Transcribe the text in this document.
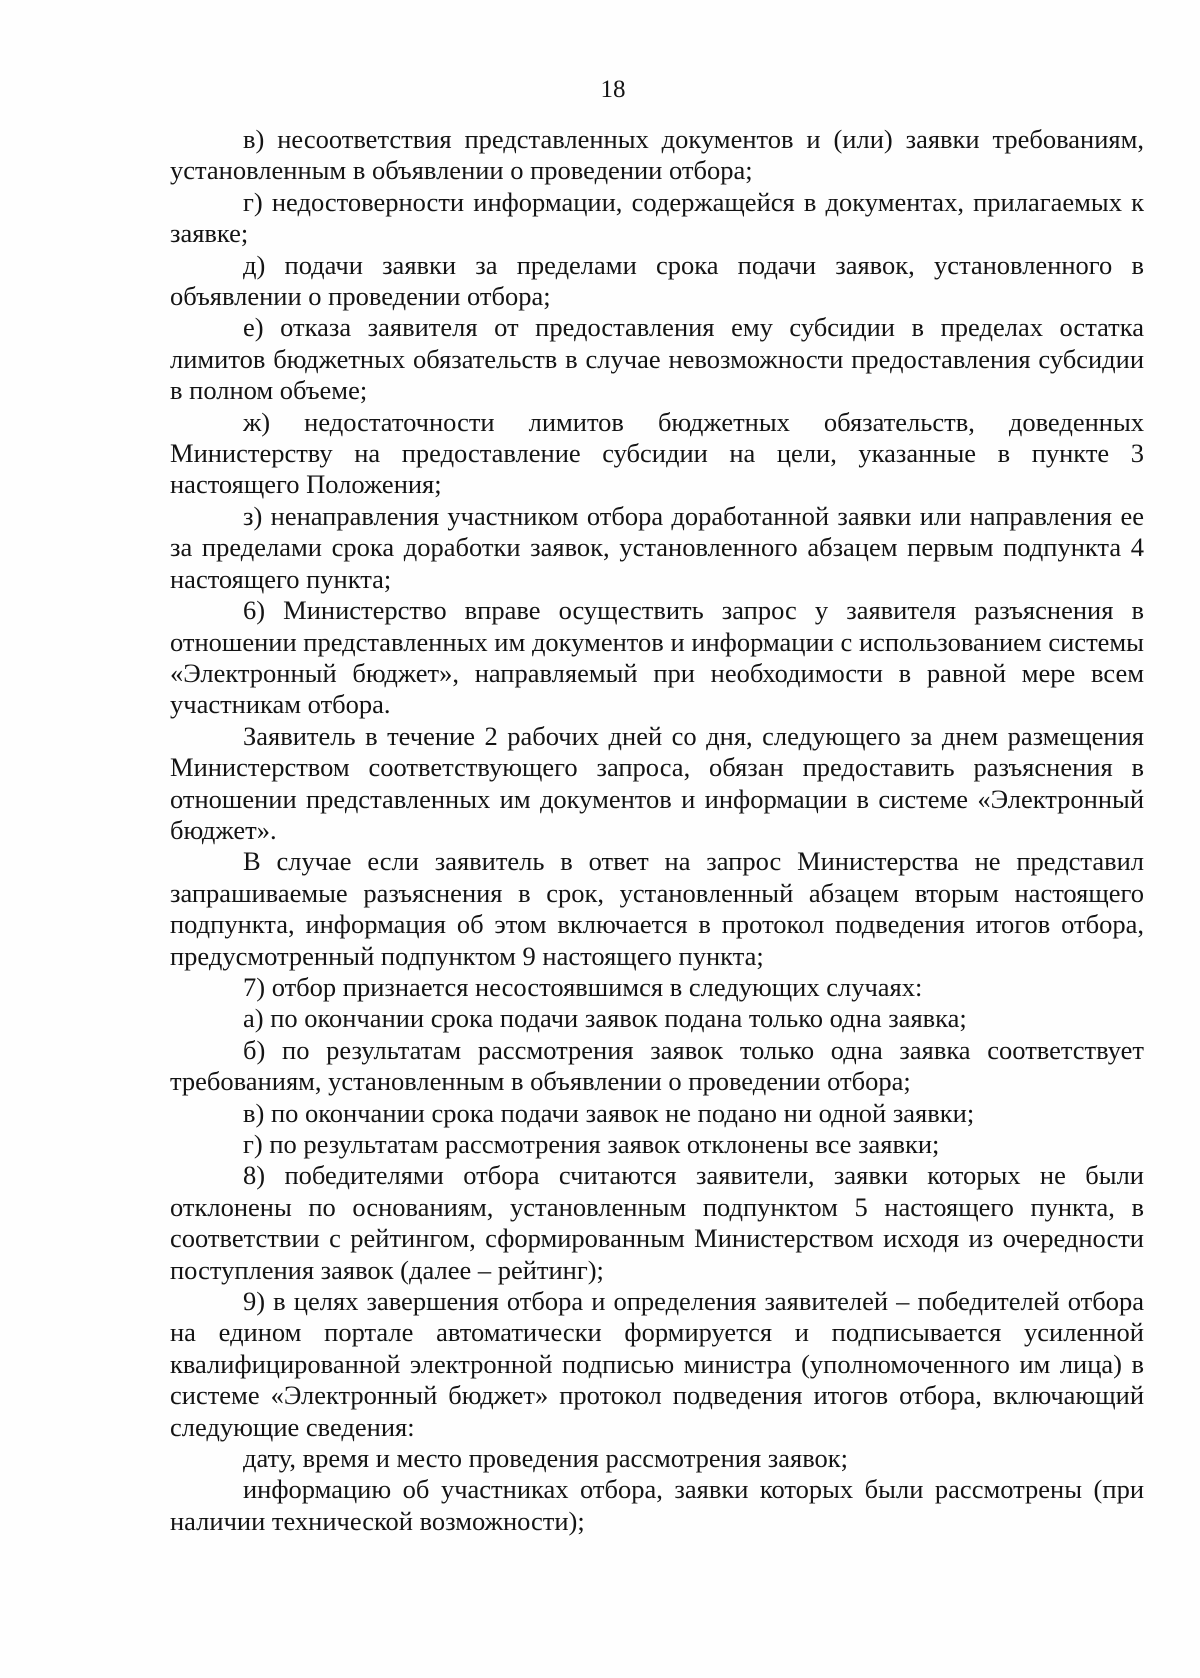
18

в) несоответствия представленных документов и (или) заявки требованиям, установленным в объявлении о проведении отбора;

г) недостоверности информации, содержащейся в документах, прилагаемых к заявке;

д) подачи заявки за пределами срока подачи заявок, установленного в объявлении о проведении отбора;

е) отказа заявителя от предоставления ему субсидии в пределах остатка лимитов бюджетных обязательств в случае невозможности предоставления субсидии в полном объеме;

ж) недостаточности лимитов бюджетных обязательств, доведенных Министерству на предоставление субсидии на цели, указанные в пункте 3 настоящего Положения;

з) ненаправления участником отбора доработанной заявки или направления ее за пределами срока доработки заявок, установленного абзацем первым подпункта 4 настоящего пункта;

6) Министерство вправе осуществить запрос у заявителя разъяснения в отношении представленных им документов и информации с использованием системы «Электронный бюджет», направляемый при необходимости в равной мере всем участникам отбора.

Заявитель в течение 2 рабочих дней со дня, следующего за днем размещения Министерством соответствующего запроса, обязан предоставить разъяснения в отношении представленных им документов и информации в системе «Электронный бюджет».

В случае если заявитель в ответ на запрос Министерства не представил запрашиваемые разъяснения в срок, установленный абзацем вторым настоящего подпункта, информация об этом включается в протокол подведения итогов отбора, предусмотренный подпунктом 9 настоящего пункта;

7) отбор признается несостоявшимся в следующих случаях:

а) по окончании срока подачи заявок подана только одна заявка;

б) по результатам рассмотрения заявок только одна заявка соответствует требованиям, установленным в объявлении о проведении отбора;

в) по окончании срока подачи заявок не подано ни одной заявки;

г) по результатам рассмотрения заявок отклонены все заявки;

8) победителями отбора считаются заявители, заявки которых не были отклонены по основаниям, установленным подпунктом 5 настоящего пункта, в соответствии с рейтингом, сформированным Министерством исходя из очередности поступления заявок (далее – рейтинг);

9) в целях завершения отбора и определения заявителей – победителей отбора на едином портале автоматически формируется и подписывается усиленной квалифицированной электронной подписью министра (уполномоченного им лица) в системе «Электронный бюджет» протокол подведения итогов отбора, включающий следующие сведения:

дату, время и место проведения рассмотрения заявок;

информацию об участниках отбора, заявки которых были рассмотрены (при наличии технической возможности);
